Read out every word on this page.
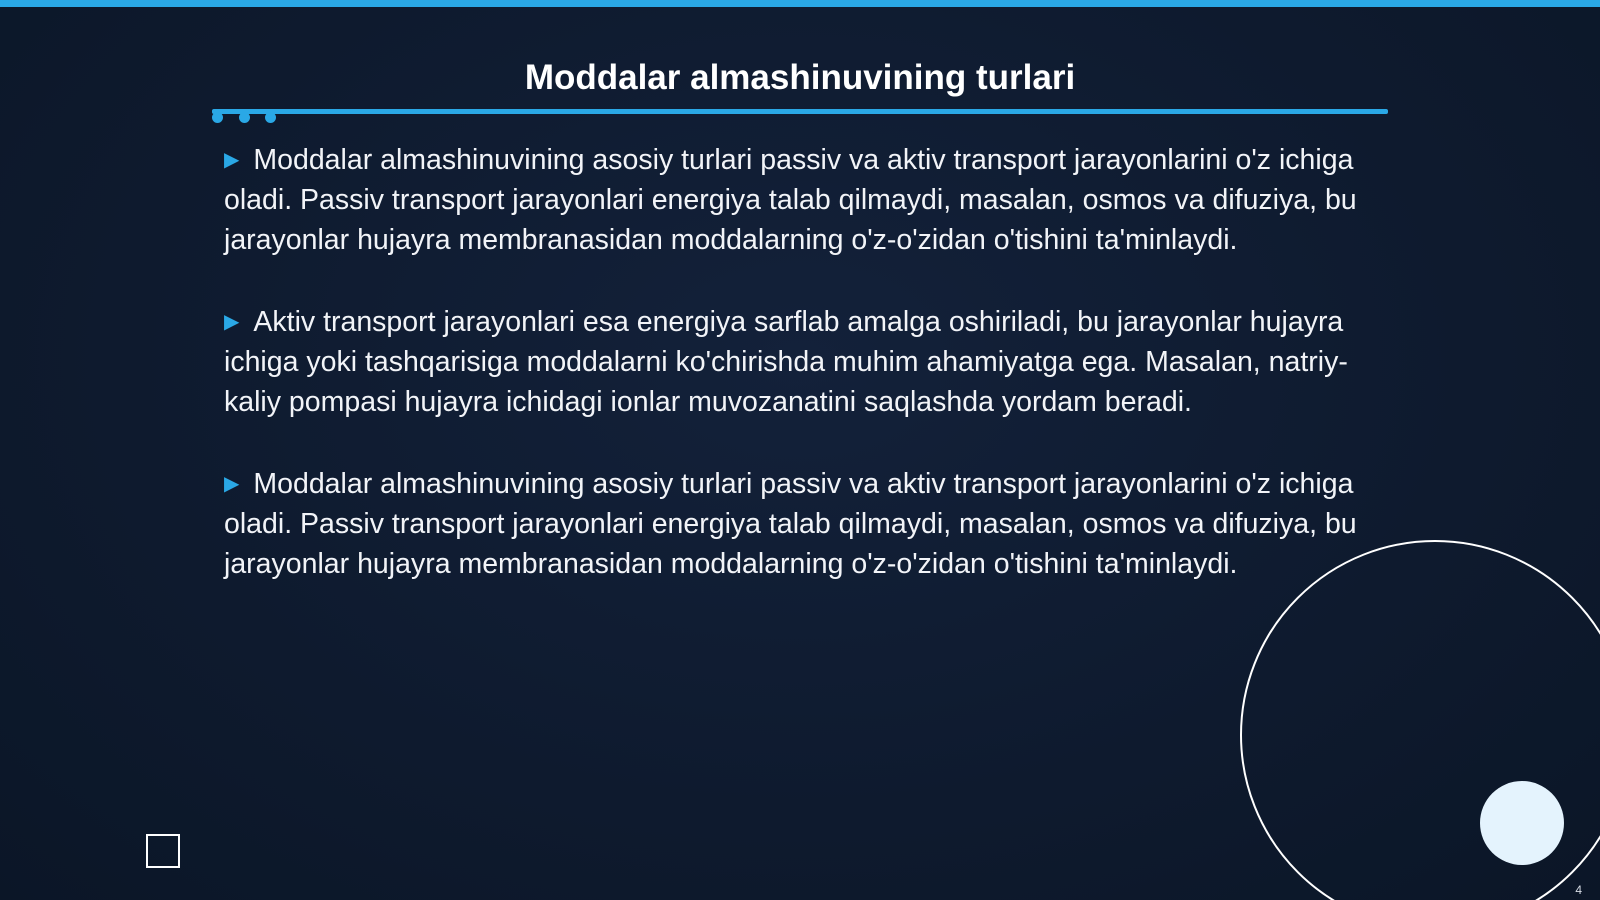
Moddalar almashinuvining turlari

▶ Moddalar almashinuvining asosiy turlari passiv va aktiv transport jarayonlarini o'z ichiga oladi. Passiv transport jarayonlari energiya talab qilmaydi, masalan, osmos va difuziya, bu jarayonlar hujayra membranasidan moddalarning o'z-o'zidan o'tishini ta'minlaydi.

▶ Aktiv transport jarayonlari esa energiya sarflab amalga oshiriladi, bu jarayonlar hujayra ichiga yoki tashqarisiga moddalarni ko'chirishda muhim ahamiyatga ega. Masalan, natriy-kaliy pompasi hujayra ichidagi ionlar muvozanatini saqlashda yordam beradi.

▶ Moddalar almashinuvining asosiy turlari passiv va aktiv transport jarayonlarini o'z ichiga oladi. Passiv transport jarayonlari energiya talab qilmaydi, masalan, osmos va difuziya, bu jarayonlar hujayra membranasidan moddalarning o'z-o'zidan o'tishini ta'minlaydi.

4
